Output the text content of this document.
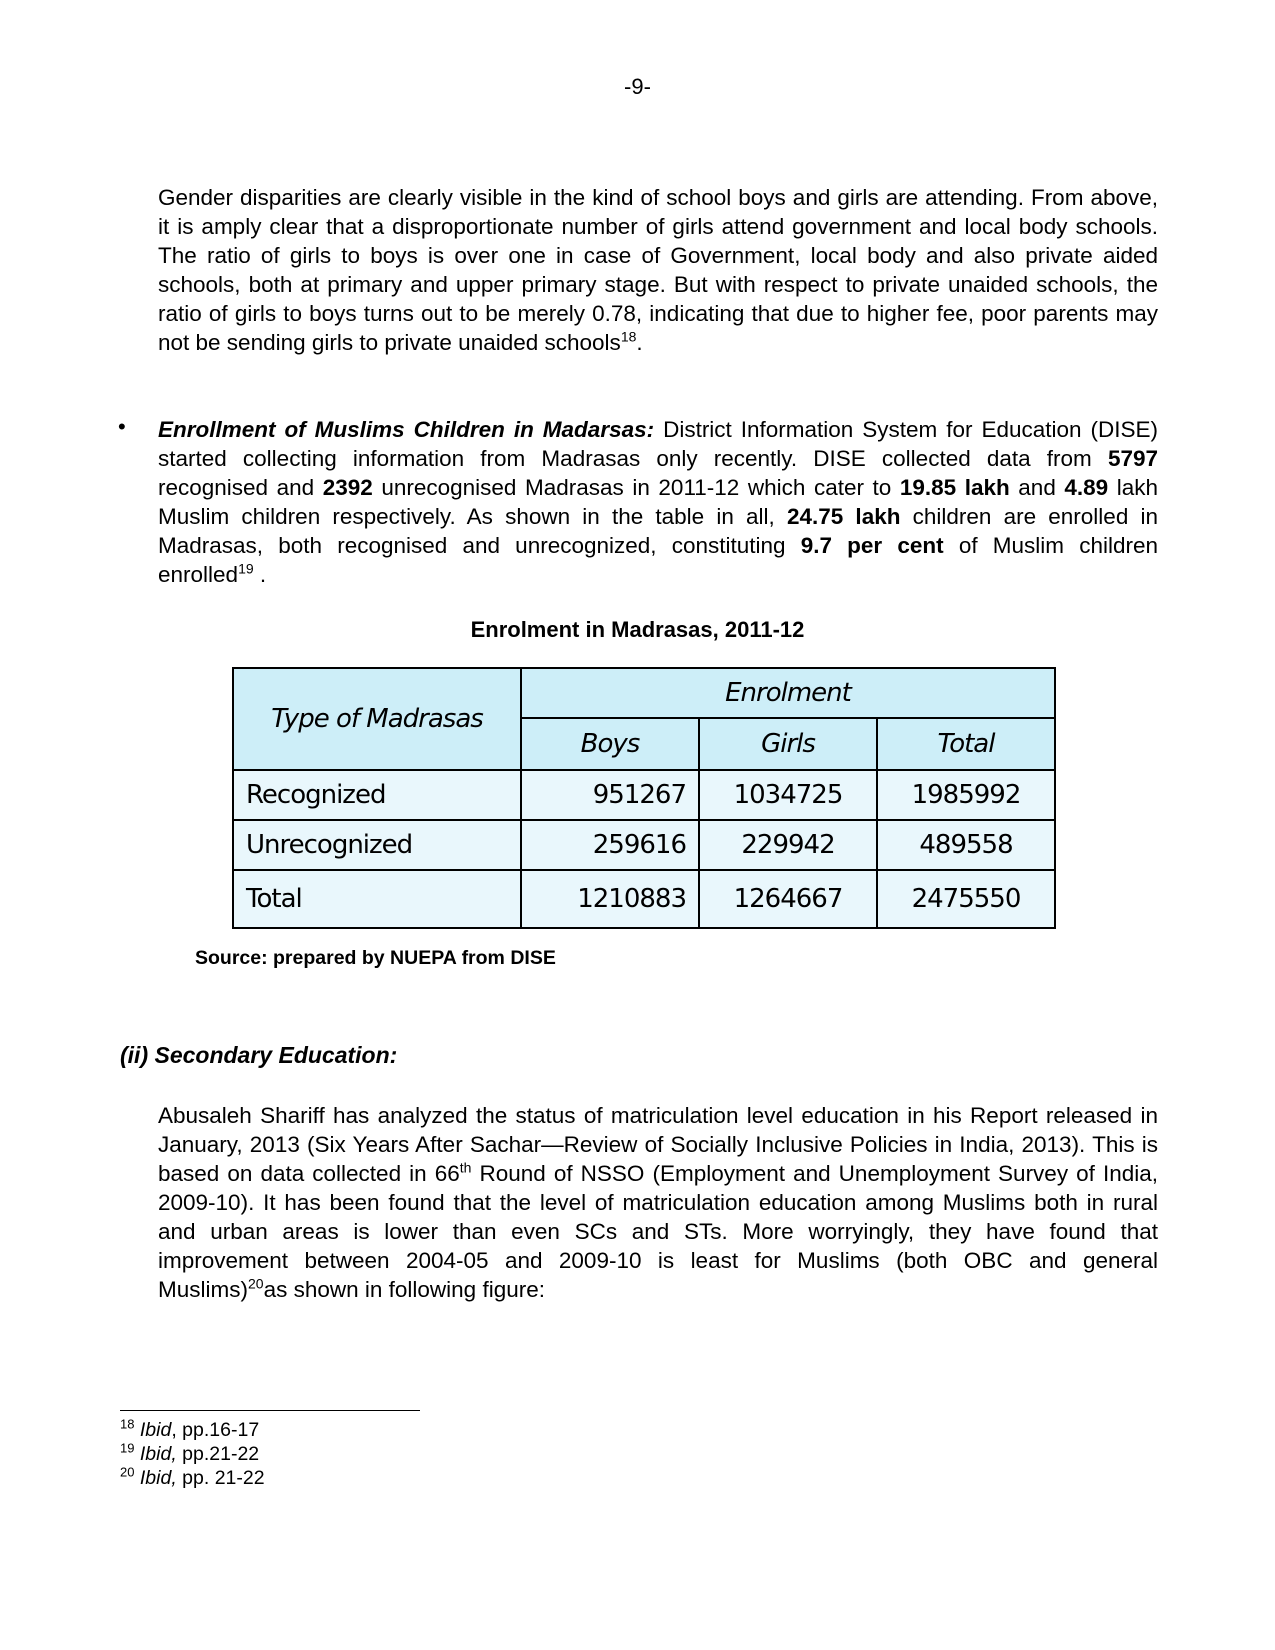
-9-

Gender disparities are clearly visible in the kind of school boys and girls are attending. From above, it is amply clear that a disproportionate number of girls attend government and local body schools. The ratio of girls to boys is over one in case of Government, local body and also private aided schools, both at primary and upper primary stage. But with respect to private unaided schools, the ratio of girls to boys turns out to be merely 0.78, indicating that due to higher fee, poor parents may not be sending girls to private unaided schools$^{18}$.

• Enrollment of Muslims Children in Madarsas: District Information System for Education (DISE) started collecting information from Madrasas only recently. DISE collected data from 5797 recognised and 2392 unrecognised Madrasas in 2011-12 which cater to 19.85 lakh and 4.89 lakh Muslim children respectively. As shown in the table in all, 24.75 lakh children are enrolled in Madrasas, both recognised and unrecognized, constituting 9.7 per cent of Muslim children enrolled$^{19}$ .

Enrolment in Madrasas, 2011-12
Type of Madrasas	Enrolment		
	Boys	Girls	Total
Recognized	951267	1034725	1985992
Unrecognized	259616	229942	489558
Total	1210883	1264667	2475550
Source: prepared by NUEPA from DISE
(ii) Secondary Education:

Abusaleh Shariff has analyzed the status of matriculation level education in his Report released in January, 2013 (Six Years After Sachar—Review of Socially Inclusive Policies in India, 2013). This is based on data collected in 66th Round of NSSO (Employment and Unemployment Survey of India, 2009-10). It has been found that the level of matriculation education among Muslims both in rural and urban areas is lower than even SCs and STs. More worryingly, they have found that improvement between 2004-05 and 2009-10 is least for Muslims (both OBC and general Muslims)$^{20}$as shown in following figure:

$^{18}$ Ibid, pp.16-17
$^{19}$ Ibid, pp.21-22
$^{20}$ Ibid, pp. 21-22
